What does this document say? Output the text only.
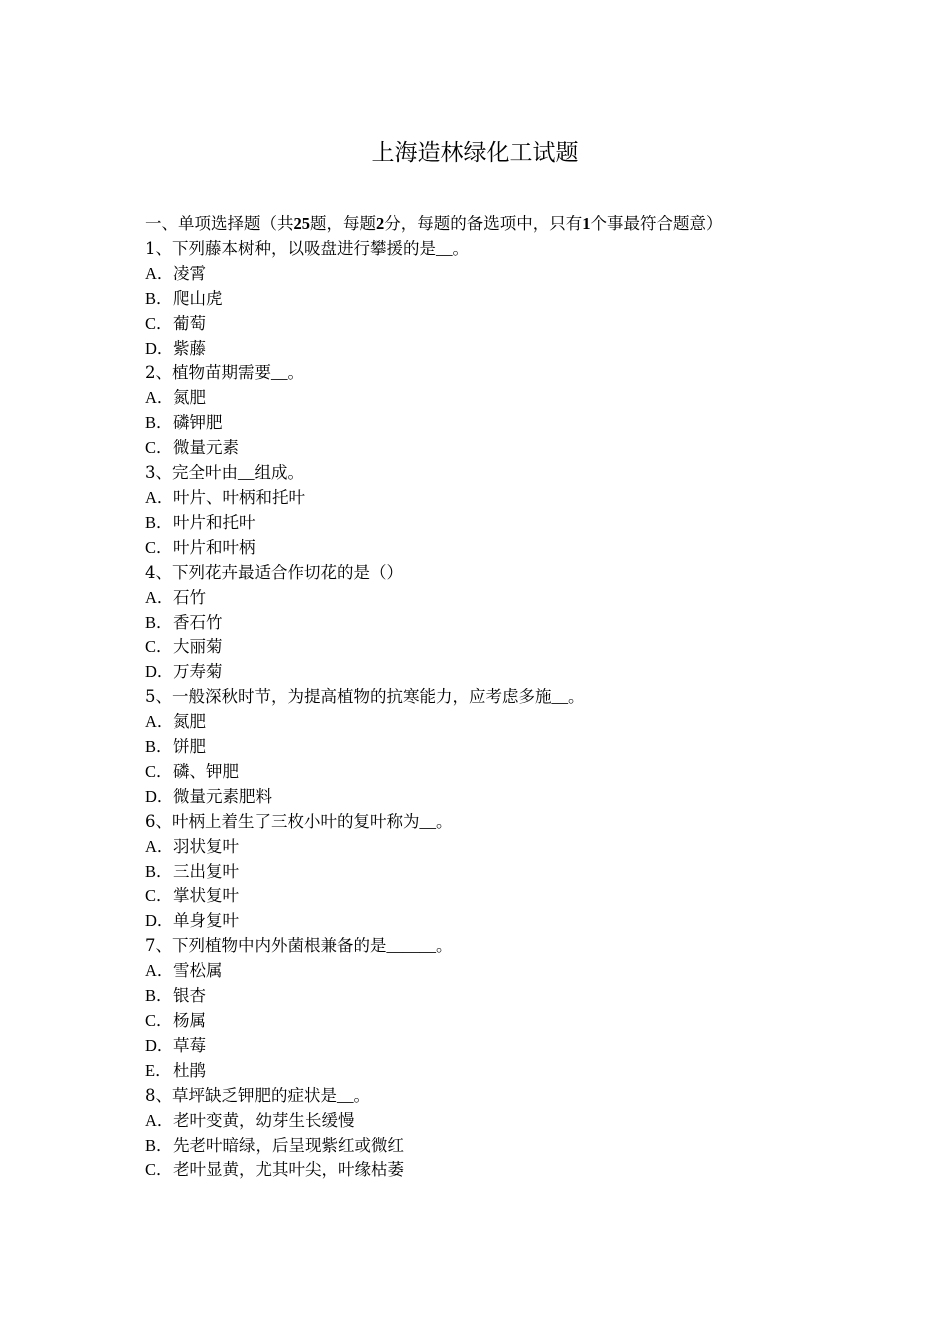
上海造林绿化工试题
一、单项选择题（共25题，每题2分，每题的备选项中，只有1个事最符合题意）
1、下列藤本树种，以吸盘进行攀援的是__。
A．凌霄
B．爬山虎
C．葡萄
D．紫藤
2、植物苗期需要__。
A．氮肥
B．磷钾肥
C．微量元素
3、完全叶由__组成。
A．叶片、叶柄和托叶
B．叶片和托叶
C．叶片和叶柄
4、下列花卉最适合作切花的是（）
A．石竹
B．香石竹
C．大丽菊
D．万寿菊
5、一般深秋时节，为提高植物的抗寒能力，应考虑多施__。
A．氮肥
B．饼肥
C．磷、钾肥
D．微量元素肥料
6、叶柄上着生了三枚小叶的复叶称为__。
A．羽状复叶
B．三出复叶
C．掌状复叶
D．单身复叶
7、下列植物中内外菌根兼备的是______。
A．雪松属
B．银杏
C．杨属
D．草莓
E．杜鹃
8、草坪缺乏钾肥的症状是__。
A．老叶变黄，幼芽生长缓慢
B．先老叶暗绿，后呈现紫红或微红
C．老叶显黄，尤其叶尖，叶缘枯萎
